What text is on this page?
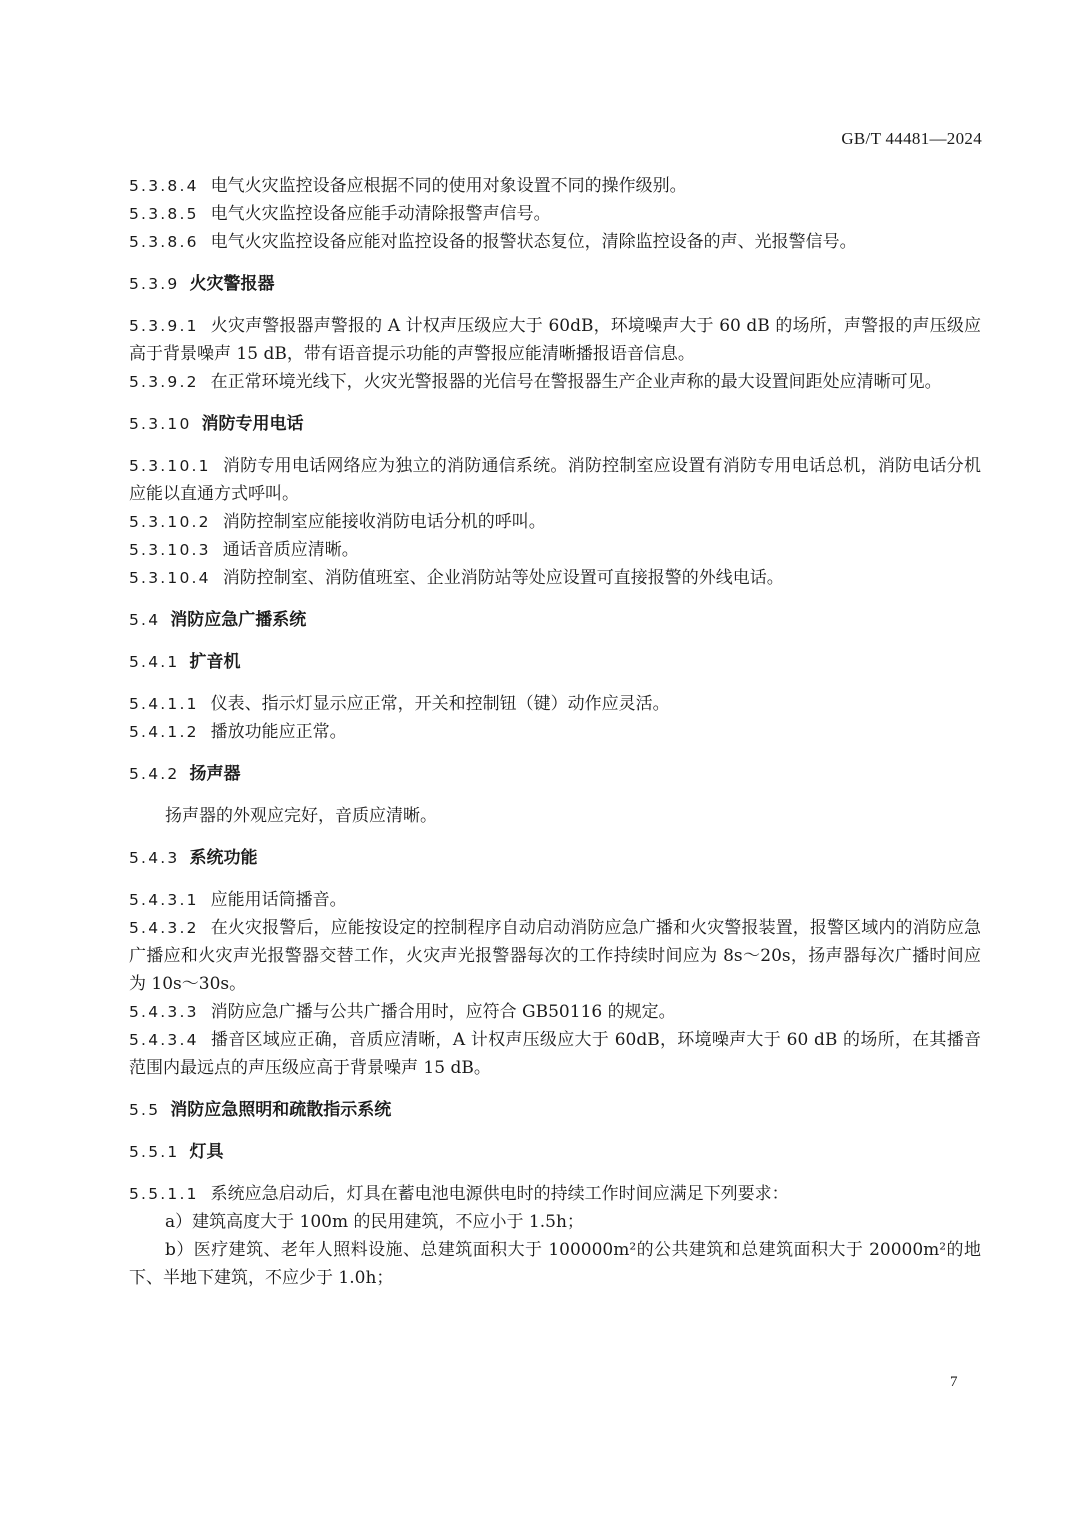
GB/T 44481—2024

5.3.8.4 电气火灾监控设备应根据不同的使用对象设置不同的操作级别。

5.3.8.5 电气火灾监控设备应能手动清除报警声信号。

5.3.8.6 电气火灾监控设备应能对监控设备的报警状态复位，清除监控设备的声、光报警信号。

5.3.9 火灾警报器

5.3.9.1 火灾声警报器声警报的 A 计权声压级应大于 60dB，环境噪声大于 60 dB 的场所，声警报的声压级应高于背景噪声 15 dB，带有语音提示功能的声警报应能清晰播报语音信息。

5.3.9.2 在正常环境光线下，火灾光警报器的光信号在警报器生产企业声称的最大设置间距处应清晰可见。

5.3.10 消防专用电话

5.3.10.1 消防专用电话网络应为独立的消防通信系统。消防控制室应设置有消防专用电话总机，消防电话分机应能以直通方式呼叫。

5.3.10.2 消防控制室应能接收消防电话分机的呼叫。

5.3.10.3 通话音质应清晰。

5.3.10.4 消防控制室、消防值班室、企业消防站等处应设置可直接报警的外线电话。

5.4 消防应急广播系统

5.4.1 扩音机

5.4.1.1 仪表、指示灯显示应正常，开关和控制钮（键）动作应灵活。

5.4.1.2 播放功能应正常。

5.4.2 扬声器

扬声器的外观应完好，音质应清晰。

5.4.3 系统功能

5.4.3.1 应能用话筒播音。

5.4.3.2 在火灾报警后，应能按设定的控制程序自动启动消防应急广播和火灾警报装置，报警区域内的消防应急广播应和火灾声光报警器交替工作，火灾声光报警器每次的工作持续时间应为 8s～20s，扬声器每次广播时间应为 10s～30s。

5.4.3.3 消防应急广播与公共广播合用时，应符合 GB50116 的规定。

5.4.3.4 播音区域应正确，音质应清晰，A 计权声压级应大于 60dB，环境噪声大于 60 dB 的场所，在其播音范围内最远点的声压级应高于背景噪声 15 dB。

5.5 消防应急照明和疏散指示系统

5.5.1 灯具

5.5.1.1 系统应急启动后，灯具在蓄电池电源供电时的持续工作时间应满足下列要求：

a）建筑高度大于 100m 的民用建筑，不应小于 1.5h；

b）医疗建筑、老年人照料设施、总建筑面积大于 100000m²的公共建筑和总建筑面积大于 20000m²的地下、半地下建筑，不应少于 1.0h；

7
